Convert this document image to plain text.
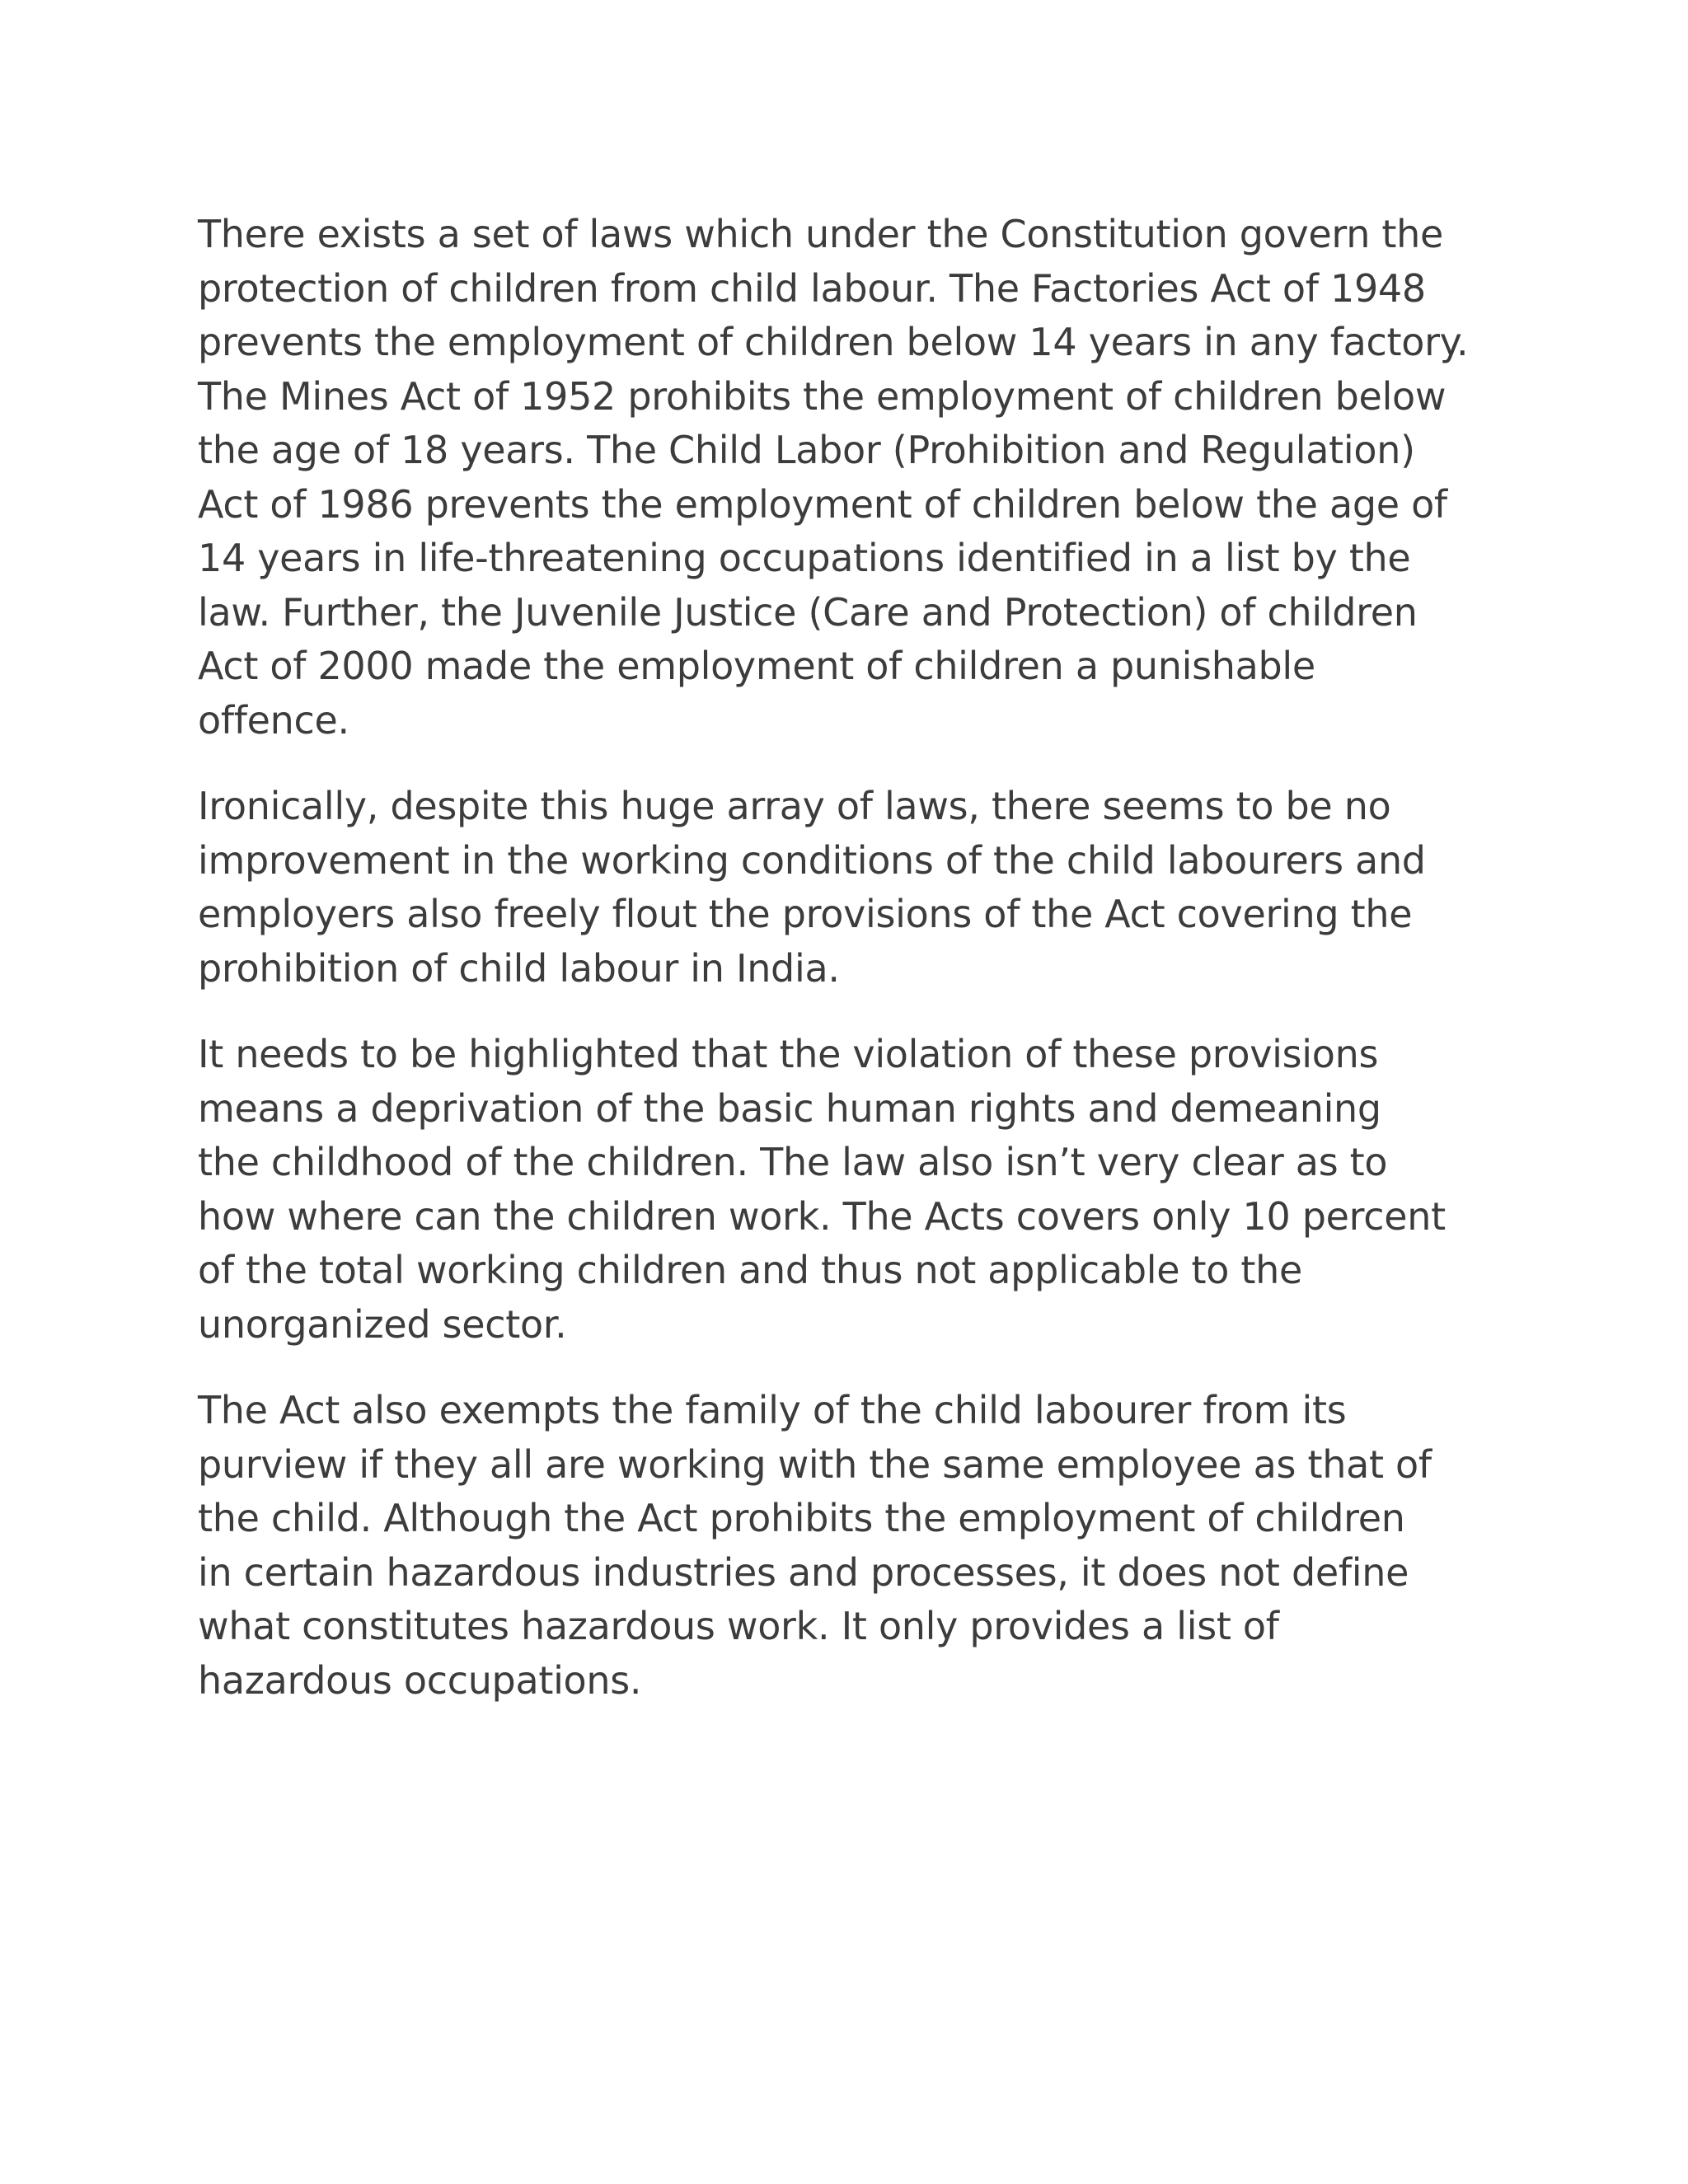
There exists a set of laws which under the Constitution govern the
protection of children from child labour. The Factories Act of 1948
prevents the employment of children below 14 years in any factory.
The Mines Act of 1952 prohibits the employment of children below
the age of 18 years. The Child Labor (Prohibition and Regulation)
Act of 1986 prevents the employment of children below the age of
14 years in life-threatening occupations identified in a list by the
law. Further, the Juvenile Justice (Care and Protection) of children
Act of 2000 made the employment of children a punishable
offence.

Ironically, despite this huge array of laws, there seems to be no
improvement in the working conditions of the child labourers and
employers also freely flout the provisions of the Act covering the
prohibition of child labour in India.

It needs to be highlighted that the violation of these provisions
means a deprivation of the basic human rights and demeaning
the childhood of the children. The law also isn’t very clear as to
how where can the children work. The Acts covers only 10 percent
of the total working children and thus not applicable to the
unorganized sector.

The Act also exempts the family of the child labourer from its
purview if they all are working with the same employee as that of
the child. Although the Act prohibits the employment of children
in certain hazardous industries and processes, it does not define
what constitutes hazardous work. It only provides a list of
hazardous occupations.
